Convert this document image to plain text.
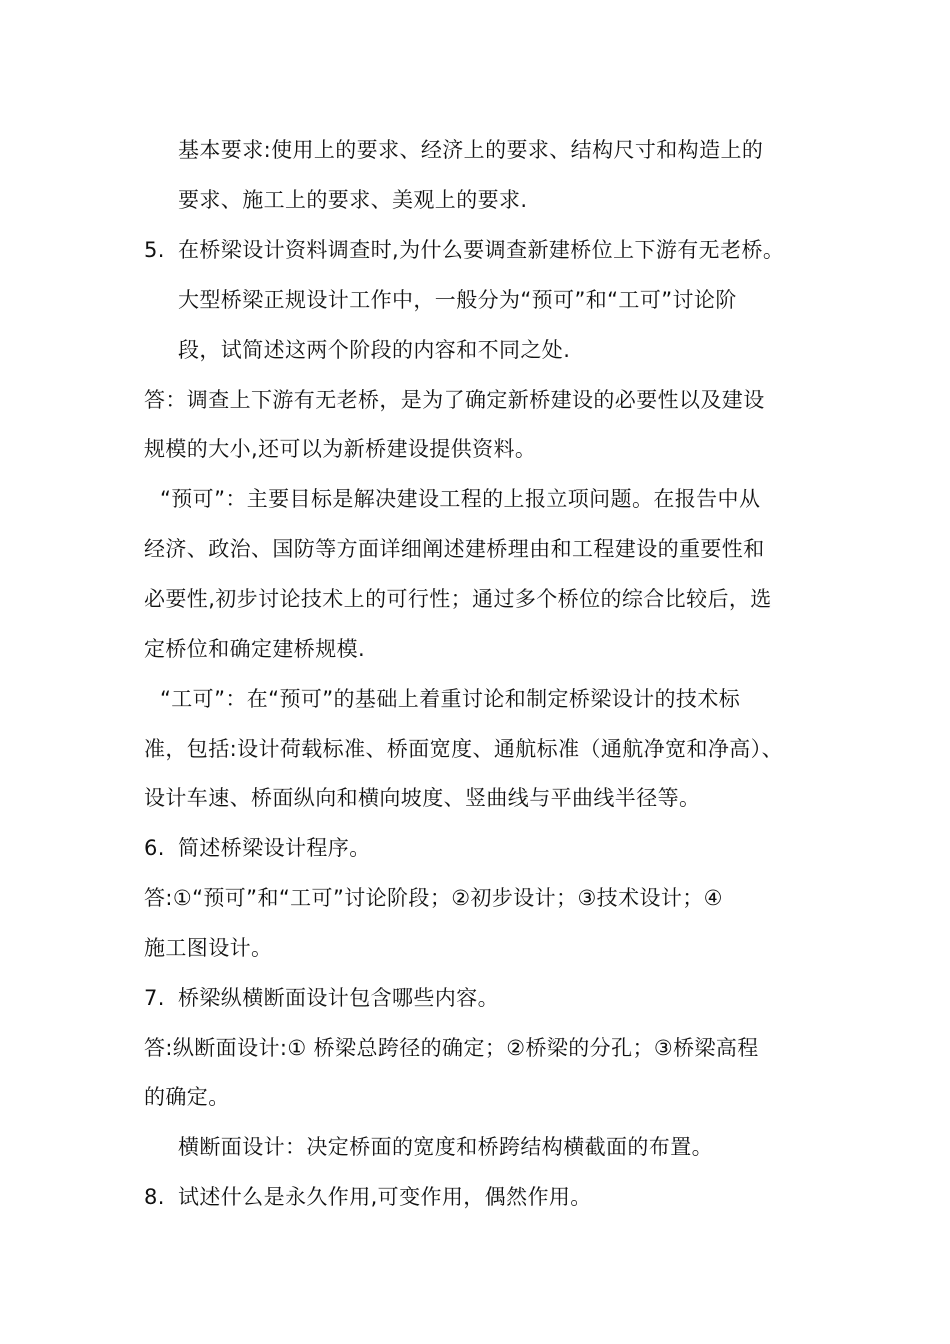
基本要求:使用上的要求、经济上的要求、结构尺寸和构造上的
要求、施工上的要求、美观上的要求.
5. 在桥梁设计资料调查时,为什么要调查新建桥位上下游有无老桥。
大型桥梁正规设计工作中，一般分为“预可”和“工可”讨论阶
段，试简述这两个阶段的内容和不同之处.
答：调查上下游有无老桥，是为了确定新桥建设的必要性以及建设
规模的大小,还可以为新桥建设提供资料。
“预可”：主要目标是解决建设工程的上报立项问题。在报告中从
经济、政治、国防等方面详细阐述建桥理由和工程建设的重要性和
必要性,初步讨论技术上的可行性；通过多个桥位的综合比较后，选
定桥位和确定建桥规模.
“工可”：在“预可”的基础上着重讨论和制定桥梁设计的技术标
准，包括:设计荷载标准、桥面宽度、通航标准（通航净宽和净高）、
设计车速、桥面纵向和横向坡度、竖曲线与平曲线半径等。
6. 简述桥梁设计程序。
答:①“预可”和“工可”讨论阶段；②初步设计；③技术设计；④
施工图设计。
7. 桥梁纵横断面设计包含哪些内容。
答:纵断面设计:① 桥梁总跨径的确定；②桥梁的分孔；③桥梁高程
的确定。
横断面设计：决定桥面的宽度和桥跨结构横截面的布置。
8. 试述什么是永久作用,可变作用，偶然作用。
